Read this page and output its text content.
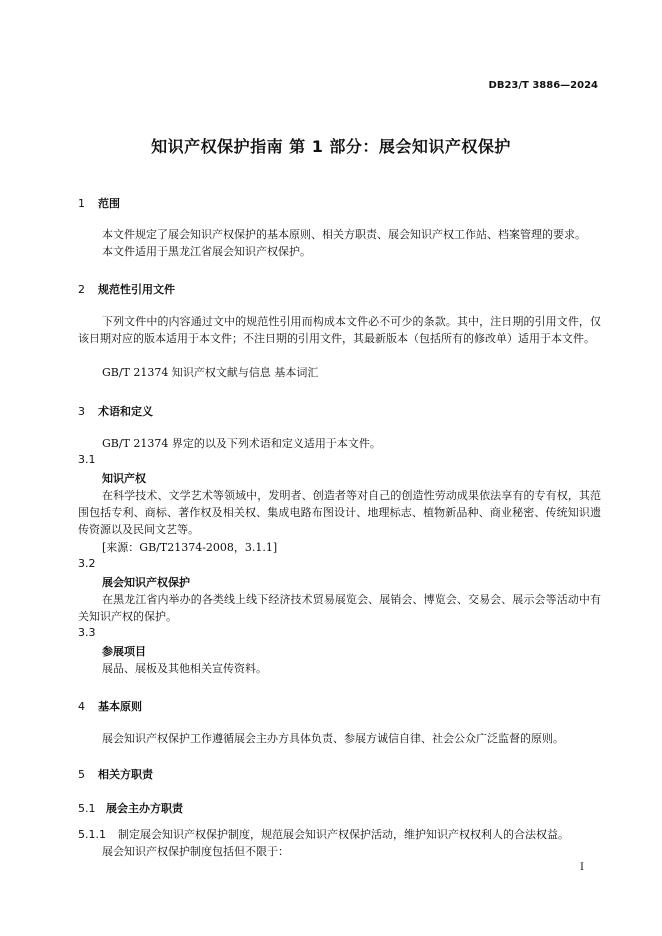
DB23/T 3886—2024
知识产权保护指南 第 1 部分：展会知识产权保护
1 范围
本文件规定了展会知识产权保护的基本原则、相关方职责、展会知识产权工作站、档案管理的要求。
本文件适用于黑龙江省展会知识产权保护。
2 规范性引用文件
下列文件中的内容通过文中的规范性引用而构成本文件必不可少的条款。其中，注日期的引用文件，仅该日期对应的版本适用于本文件；不注日期的引用文件，其最新版本（包括所有的修改单）适用于本文件。
GB/T 21374 知识产权文献与信息 基本词汇
3 术语和定义
GB/T 21374 界定的以及下列术语和定义适用于本文件。
3.1
知识产权
在科学技术、文学艺术等领域中，发明者、创造者等对自己的创造性劳动成果依法享有的专有权，其范围包括专利、商标、著作权及相关权、集成电路布图设计、地理标志、植物新品种、商业秘密、传统知识遗传资源以及民间文艺等。
[来源：GB/T21374-2008，3.1.1]
3.2
展会知识产权保护
在黑龙江省内举办的各类线上线下经济技术贸易展览会、展销会、博览会、交易会、展示会等活动中有关知识产权的保护。
3.3
参展项目
展品、展板及其他相关宣传资料。
4 基本原则
展会知识产权保护工作遵循展会主办方具体负责、参展方诚信自律、社会公众广泛监督的原则。
5 相关方职责
5.1 展会主办方职责
5.1.1 制定展会知识产权保护制度，规范展会知识产权保护活动，维护知识产权权利人的合法权益。
展会知识产权保护制度包括但不限于：
I
